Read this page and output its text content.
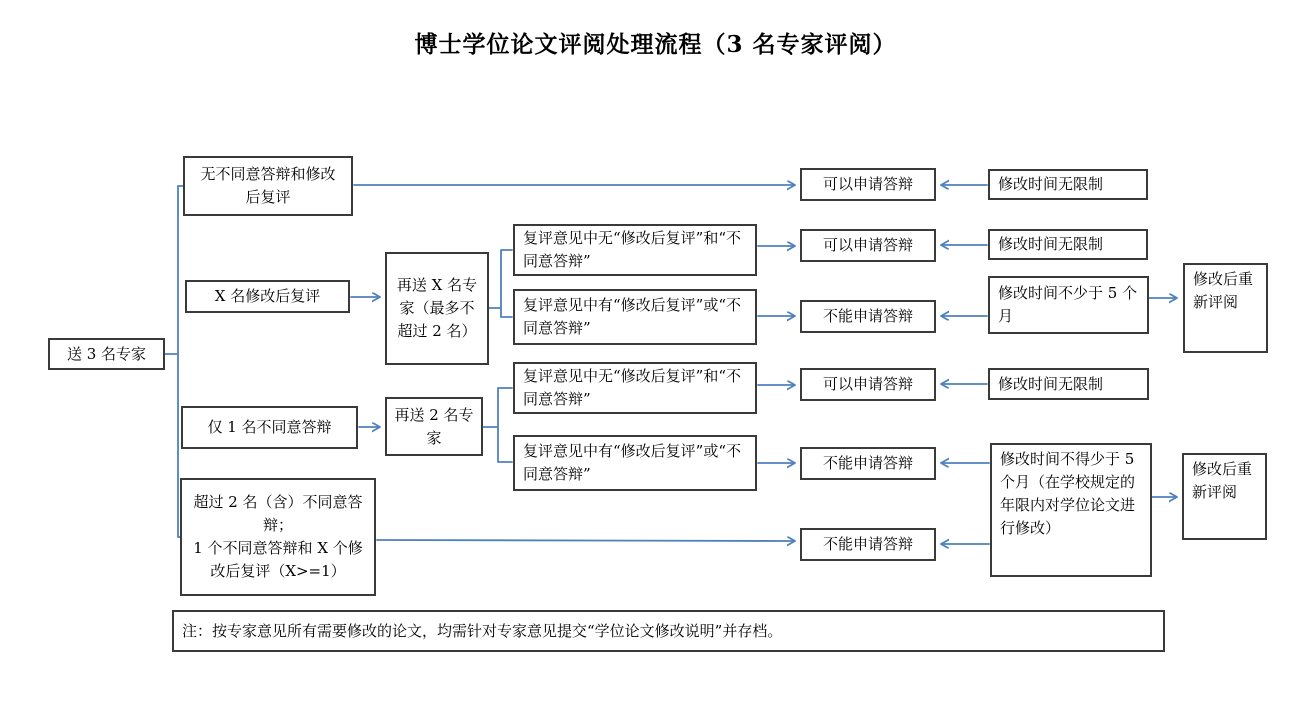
博士学位论文评阅处理流程（3 名专家评阅）
送 3 名专家
无不同意答辩和修改 后复评
X 名修改后复评
仅 1 名不同意答辩
超过 2 名（含）不同意答辩；
1 个不同意答辩和 X 个修改后复评（X>=1）
再送 X 名专家（最多不超过 2 名）
再送 2 名专家
复评意见中无“修改后复评”和“不同意答辩”
复评意见中有“修改后复评”或“不同意答辩”
复评意见中无“修改后复评”和“不同意答辩”
复评意见中有“修改后复评”或“不同意答辩”
可以申请答辩
可以申请答辩
不能申请答辩
可以申请答辩
不能申请答辩
不能申请答辩
修改时间无限制
修改时间无限制
修改时间不少于 5 个月
修改时间无限制
修改时间不得少于 5 个月（在学校规定的年限内对学位论文进行修改）
修改后重新评阅
修改后重新评阅
注：按专家意见所有需要修改的论文，均需针对专家意见提交“学位论文修改说明”并存档。
